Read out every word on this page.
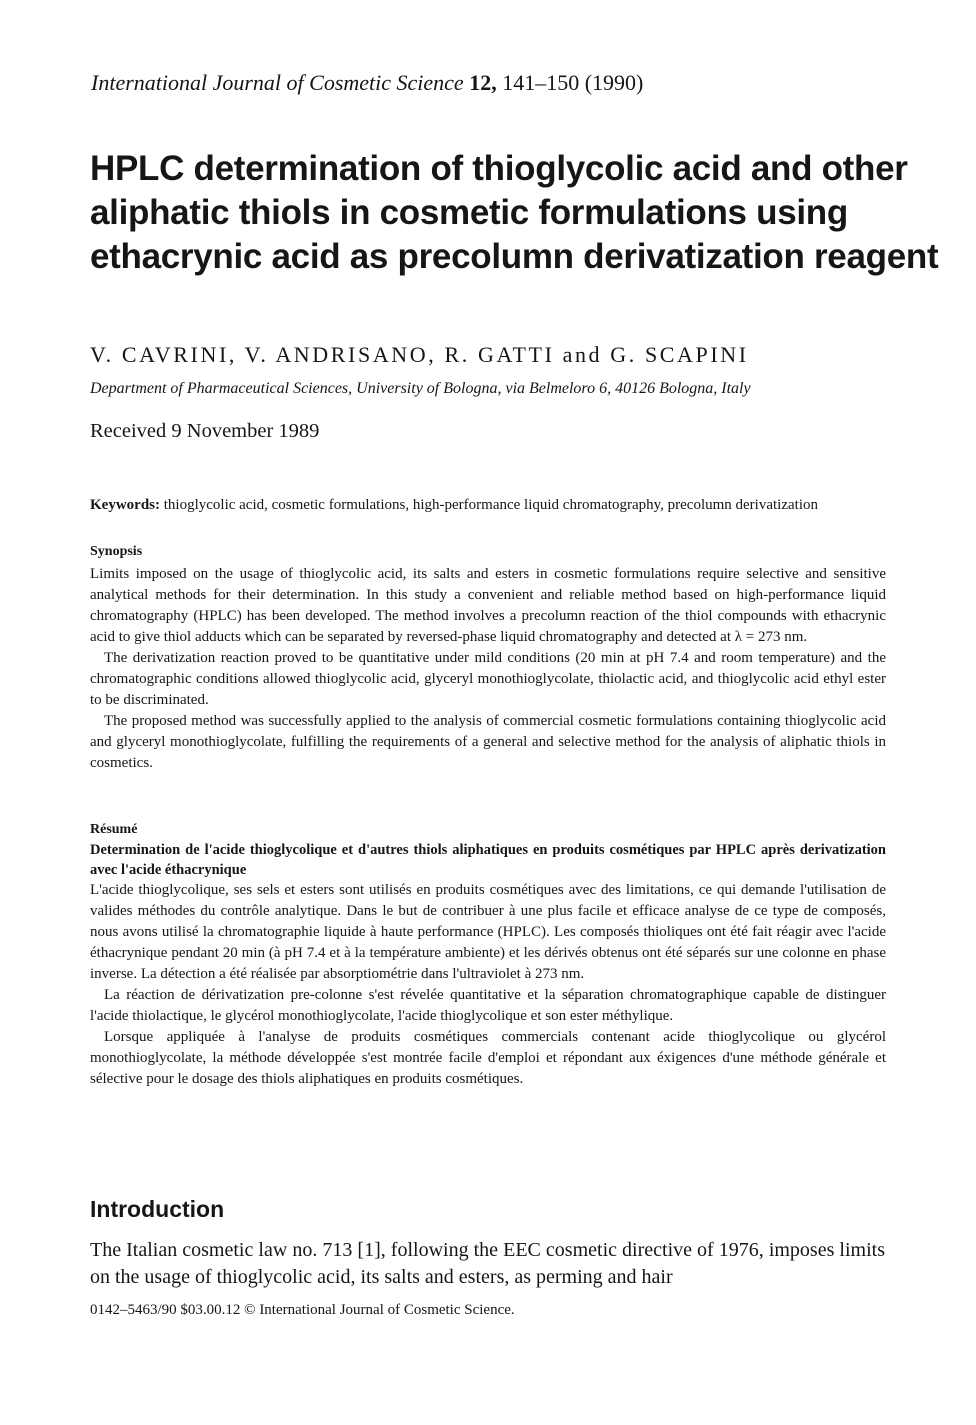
International Journal of Cosmetic Science 12, 141–150 (1990)
HPLC determination of thioglycolic acid and other aliphatic thiols in cosmetic formulations using ethacrynic acid as precolumn derivatization reagent
V. CAVRINI, V. ANDRISANO, R. GATTI and G. SCAPINI
Department of Pharmaceutical Sciences, University of Bologna, via Belmeloro 6, 40126 Bologna, Italy
Received 9 November 1989
Keywords: thioglycolic acid, cosmetic formulations, high-performance liquid chromatography, precolumn derivatization
Synopsis

Limits imposed on the usage of thioglycolic acid, its salts and esters in cosmetic formulations require selective and sensitive analytical methods for their determination. In this study a convenient and reliable method based on high-performance liquid chromatography (HPLC) has been developed. The method involves a precolumn reaction of the thiol compounds with ethacrynic acid to give thiol adducts which can be separated by reversed-phase liquid chromatography and detected at λ = 273 nm.

The derivatization reaction proved to be quantitative under mild conditions (20 min at pH 7.4 and room temperature) and the chromatographic conditions allowed thioglycolic acid, glyceryl monothioglycolate, thiolactic acid, and thioglycolic acid ethyl ester to be discriminated.

The proposed method was successfully applied to the analysis of commercial cosmetic formulations containing thioglycolic acid and glyceryl monothioglycolate, fulfilling the requirements of a general and selective method for the analysis of aliphatic thiols in cosmetics.

Résumé
Determination de l'acide thioglycolique et d'autres thiols aliphatiques en produits cosmétiques par HPLC après derivatization avec l'acide éthacrynique

L'acide thioglycolique, ses sels et esters sont utilisés en produits cosmétiques avec des limitations, ce qui demande l'utilisation de valides méthodes du contrôle analytique. Dans le but de contribuer à une plus facile et efficace analyse de ce type de composés, nous avons utilisé la chromatographie liquide à haute performance (HPLC). Les composés thioliques ont été fait réagir avec l'acide éthacrynique pendant 20 min (à pH 7.4 et à la température ambiente) et les dérivés obtenus ont été séparés sur une colonne en phase inverse. La détection a été réalisée par absorptiométrie dans l'ultraviolet à 273 nm.

La réaction de dérivatization pre-colonne s'est révelée quantitative et la séparation chromatographique capable de distinguer l'acide thiolactique, le glycérol monothioglycolate, l'acide thioglycolique et son ester méthylique.

Lorsque appliquée à l'analyse de produits cosmétiques commercials contenant acide thioglycolique ou glycérol monothioglycolate, la méthode développée s'est montrée facile d'emploi et répondant aux éxigences d'une méthode générale et sélective pour le dosage des thiols aliphatiques en produits cosmétiques.

Introduction

The Italian cosmetic law no. 713 [1], following the EEC cosmetic directive of 1976, imposes limits on the usage of thioglycolic acid, its salts and esters, as perming and hair

0142–5463/90 $03.00.12 © International Journal of Cosmetic Science.
